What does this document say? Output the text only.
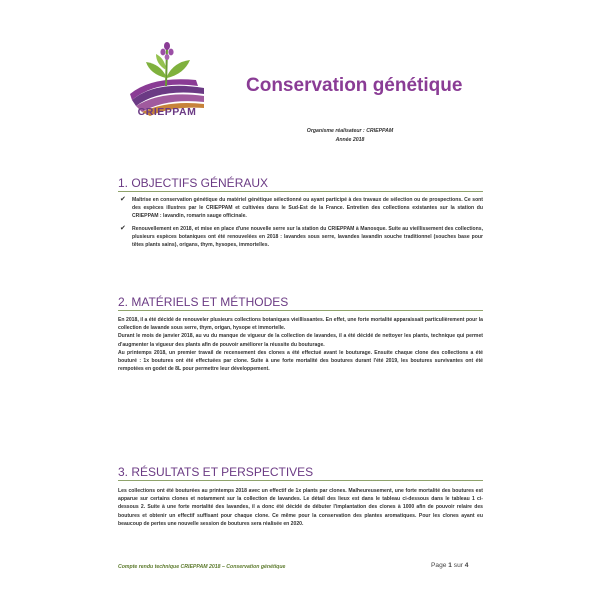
CRIEPPAM
Conservation génétique
Organisme réalisateur : CRIEPPAM
Année 2018
1. OBJECTIFS GÉNÉRAUX
✔ Maîtrise en conservation génétique du matériel génétique sélectionné ou ayant participé à des travaux de sélection ou de prospections. Ce sont des espèces illustres par le CRIEPPAM et cultivées dans le Sud-Est de la France. Entretien des collections existantes sur la station du CRIEPPAM : lavandin, romarin sauge officinale.
✔ Renouvellement en 2018, et mise en place d'une nouvelle serre sur la station du CRIEPPAM à Manosque. Suite au vieillissement des collections, plusieurs espèces botaniques ont été renouvelées en 2018 : lavandes sous serre, lavandes lavandin souche traditionnel (souches base pour têtes plants sains), origans, thym, hysopes, immortelles.
2. MATÉRIELS ET MÉTHODES

En 2018, il a été décidé de renouveler plusieurs collections botaniques vieillissantes. En effet, une forte mortalité apparaissait particulièrement pour la collection de lavande sous serre, thym, origan, hysope et immortelle.

Durant le mois de janvier 2018, au vu du manque de vigueur de la collection de lavandes, il a été décidé de nettoyer les plants, technique qui permet d'augmenter la vigueur des plants afin de pouvoir améliorer la réussite du bouturage.

Au printemps 2018, un premier travail de recensement des clones a été effectué avant le bouturage. Ensuite chaque clone des collections a été bouturé : 1x boutures ont été effectuées par clone. Suite à une forte mortalité des boutures durant l'été 2019, les boutures survivantes ont été rempotées en godet de 8L pour permettre leur développement.

3. RÉSULTATS ET PERSPECTIVES

Les collections ont été bouturées au printemps 2018 avec un effectif de 1x plants par clones. Malheureusement, une forte mortalité des boutures est apparue sur certains clones et notamment sur la collection de lavandes. Le détail des lieux est dans le tableau ci-dessous dans le tableau 1 ci-dessous 2. Suite à une forte mortalité des lavandes, il a donc été décidé de débuter l'implantation des clones à 1000 afin de pouvoir relaire des boutures et obtenir un effectif suffisant pour chaque clone. Ce même pour la conservation des plantes aromatiques. Pour les clones ayant eu beaucoup de pertes une nouvelle session de boutures sera réalisée en 2020.

Compte rendu technique CRIEPPAM 2018 – Conservation génétique	Page 1 sur 4
